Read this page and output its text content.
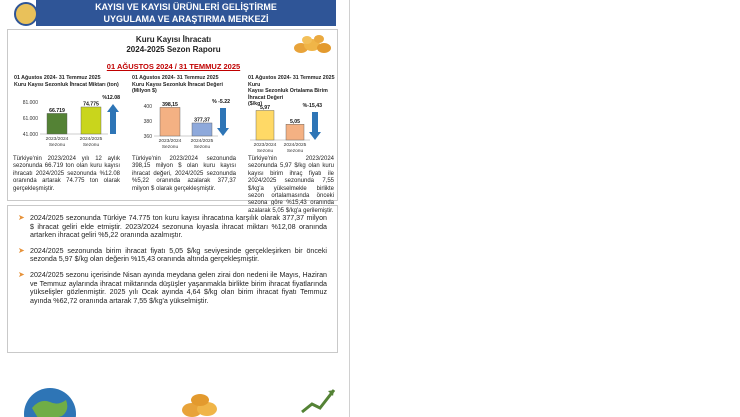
KAYISI VE KAYISI ÜRÜNLERİ GELİŞTİRME
UYGULAMA VE ARAŞTIRMA MERKEZİ
Kuru Kayısı İhracatı
2024-2025 Sezon Raporu
01 AĞUSTOS 2024 / 31 TEMMUZ 2025
01 Ağustos 2024- 31 Temmuz 2025
Kuru Kayısı Sezonluk İhracat Miktarı (ton)
81.000
61.000
41.000
66.719
2023/2024
Sezonu
74.775
2024/2025
Sezonu
%12.08
01 Ağustos 2024- 31 Temmuz 2025
Kuru Kayısı Sezonluk İhracat Değeri
(Milyon $)
400
380
360
398,15
2023/2024
Sezonu
377,37
2024/2025
Sezonu
% -5.22
01 Ağustos 2024- 31 Temmuz 2025 Kuru
Kayısı Sezonluk Ortalama Birim İhracat Değeri
($/kg)
5,97
2023/2024
Sezonu
5,05
2024/2025
Sezonu
%-15,43
Türkiye'nin 2023/2024 yılı 12 aylık sezonunda 66.719 ton olan kuru kayısı ihracatı 2024/2025 sezonunda %12.08 oranında artarak 74.775 ton olarak gerçekleşmiştir.
Türkiye'nin 2023/2024 sezonunda 398,15 milyon $ olan kuru kayısı ihracat değeri, 2024/2025 sezonunda %5,22 oranında azalarak 377,37 milyon $ olarak gerçekleşmiştir.
Türkiye'nin 2023/2024 sezonunda 5,97 $/kg olan kuru kayısı birim ihraç fiyatı ile 2024/2025 sezonunda 7,55 $/kg'a yükselmekle birlikte sezon ortalamasında önceki sezona göre %15,43 oranında azalarak 5,05 $/kg'a gerilemiştir.
➤ 2024/2025 sezonunda Türkiye 74.775 ton kuru kayısı ihracatına karşılık olarak 377,37 milyon $ ihracat geliri elde etmiştir. 2023/2024 sezonuna kıyasla ihracat miktarı %12,08 oranında artarken ihracat geliri %5,22 oranında azalmıştır.
➤ 2024/2025 sezonunda birim ihracat fiyatı 5,05 $/kg seviyesinde gerçekleşirken bir önceki sezonda 5,97 $/kg olan değerin %15,43 oranında altında gerçekleşmiştir.
➤ 2024/2025 sezonu içerisinde Nisan ayında meydana gelen zirai don nedeni ile Mayıs, Haziran ve Temmuz aylarında ihracat miktarında düşüşler yaşanmakla birlikte birim ihracat fiyatlarında yükselişler gözlenmiştir. 2025 yılı Ocak ayında 4,64 $/kg olan birim ihracat fiyatı Temmuz ayında %62,72 oranında artarak 7,55 $/kg'a yükselmiştir.
